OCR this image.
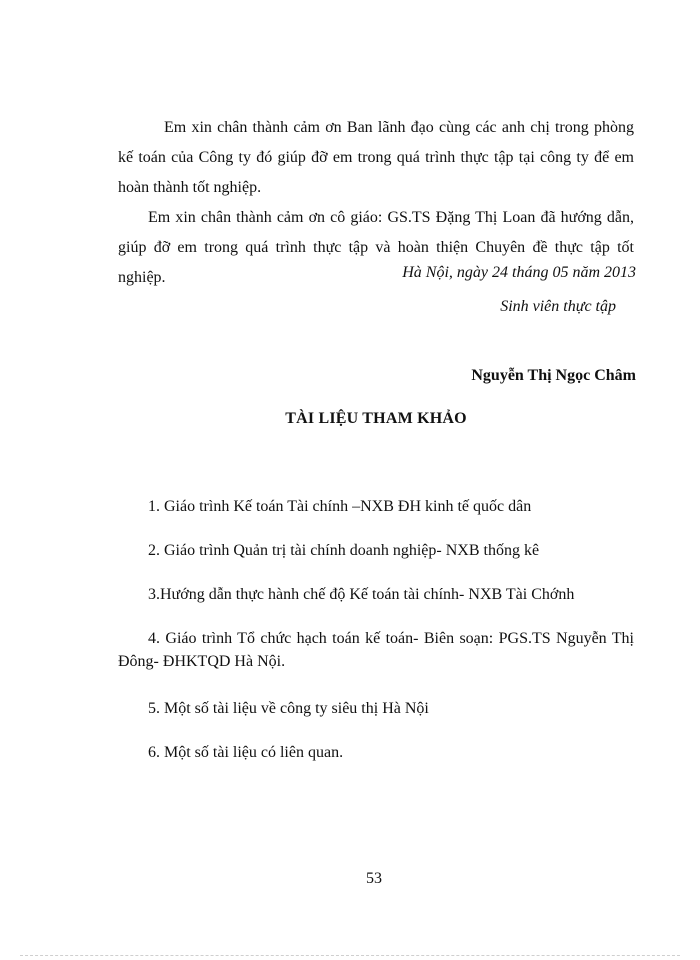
Em xin chân thành cảm ơn Ban lãnh đạo cùng các anh chị trong phòng kế toán của Công ty đó giúp đỡ em trong quá trình thực tập tại công ty để em hoàn thành tốt nghiệp.

Em xin chân thành cảm ơn cô giáo: GS.TS Đặng Thị Loan đã hướng dẫn, giúp đỡ em trong quá trình thực tập và hoàn thiện Chuyên đề thực tập tốt nghiệp.	Hà Nội, ngày 24 tháng 05 năm 2013

Sinh viên thực tập

Nguyễn Thị Ngọc Châm

TÀI LIỆU THAM KHẢO
1. Giáo trình Kế toán Tài chính –NXB ĐH kinh tế quốc dân
2. Giáo trình Quản trị tài chính doanh nghiệp- NXB thống kê
3.Hướng dẫn thực hành chế độ Kế toán tài chính- NXB Tài Chớnh
4. Giáo trình Tổ chức hạch toán kế toán- Biên soạn: PGS.TS Nguyễn Thị Đông- ĐHKTQD Hà Nội.
5. Một số tài liệu về công ty siêu thị Hà Nội
6. Một số tài liệu có liên quan.

53
